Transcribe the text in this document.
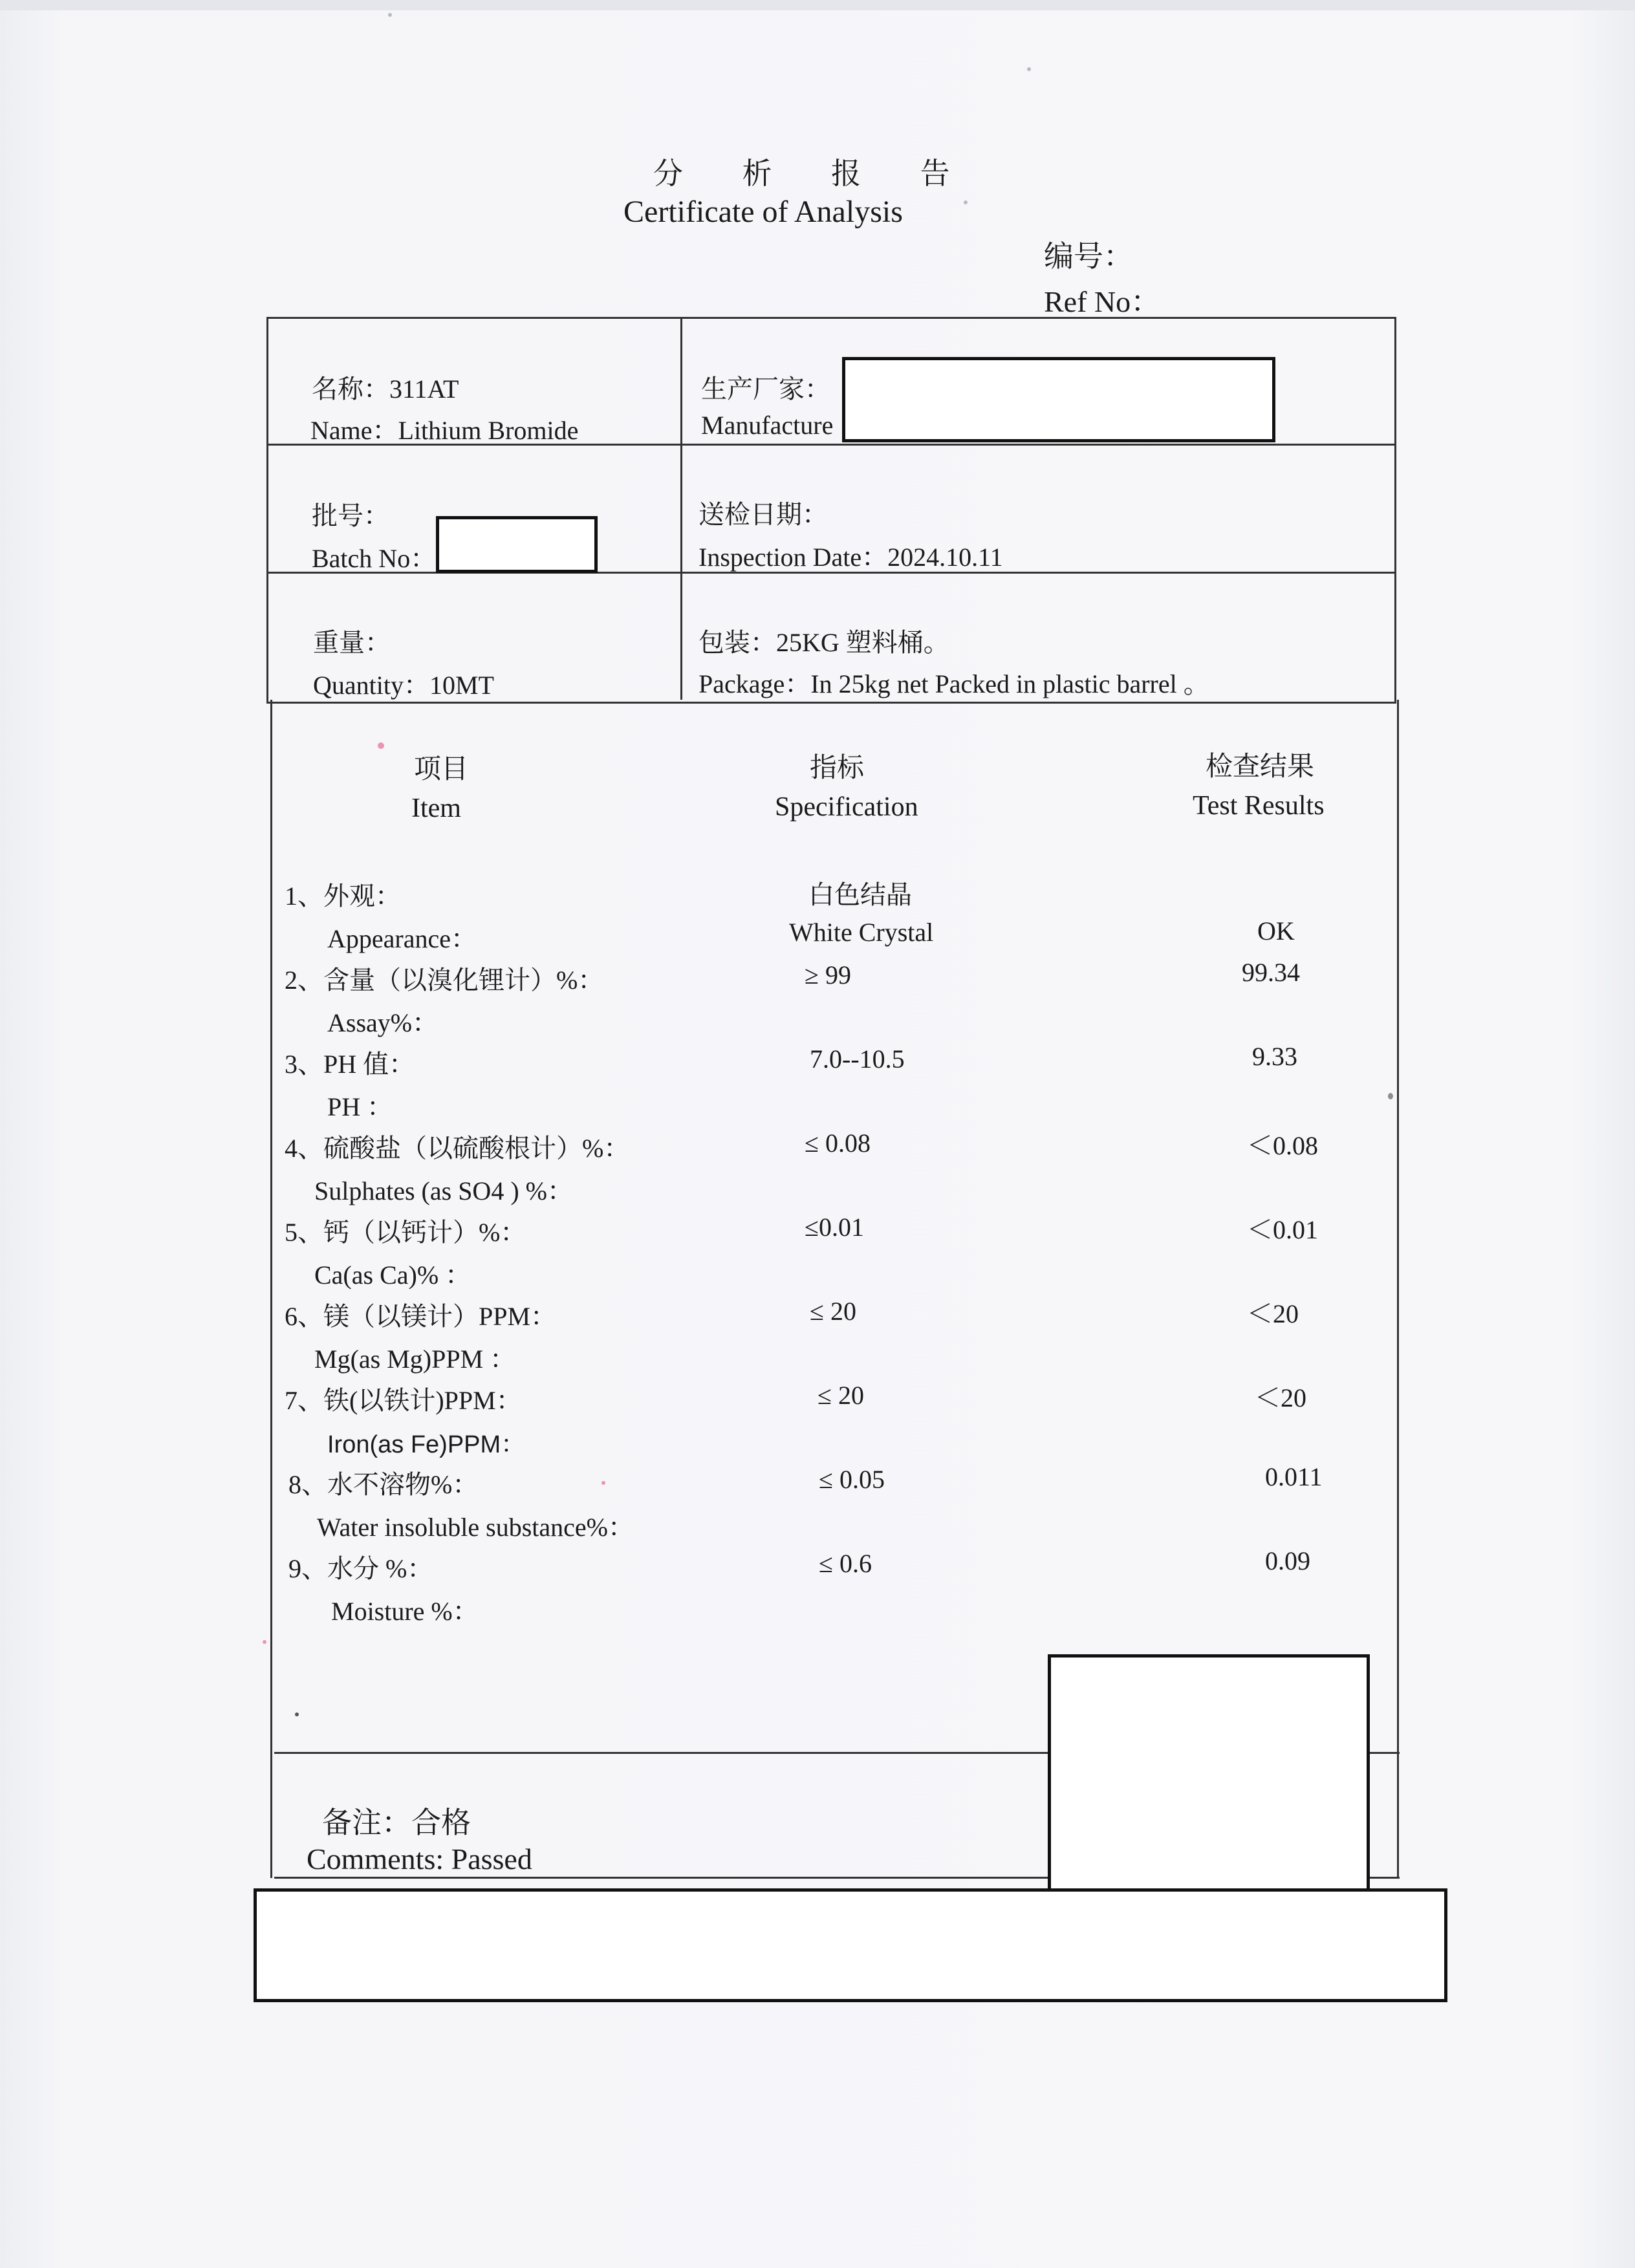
分 析 报 告
Certificate of Analysis
编号：
Ref No：
名称：311AT
Name：Lithium Bromide
生产厂家：
Manufacture
批号：
Batch No：
送检日期：
Inspection Date：2024.10.11
重量：
Quantity：10MT
包装：25KG 塑料桶。
Package：In 25kg net Packed in plastic barrel 。
项目
Item
指标
Specification
检查结果
Test Results
1、外观：
Appearance：
白色结晶
White Crystal	OK
2、含量（以溴化锂计）%：
Assay%：
≥ 99	99.34
3、PH 值：
PH ：
7.0--10.5	9.33
4、硫酸盐（以硫酸根计）%：
Sulphates (as SO4 ) %：
≤ 0.08	＜0.08
5、钙（以钙计）%：
Ca(as Ca)% ：
≤0.01	＜0.01
6、镁（以镁计）PPM：
Mg(as Mg)PPM ：
≤ 20	＜20
7、铁(以铁计)PPM：
Iron(as Fe)PPM：
≤ 20	＜20
8、水不溶物%：
Water insoluble substance%：
≤ 0.05	0.011
9、水分 %：
Moisture %：
≤ 0.6	0.09
备注：合格
Comments: Passed
